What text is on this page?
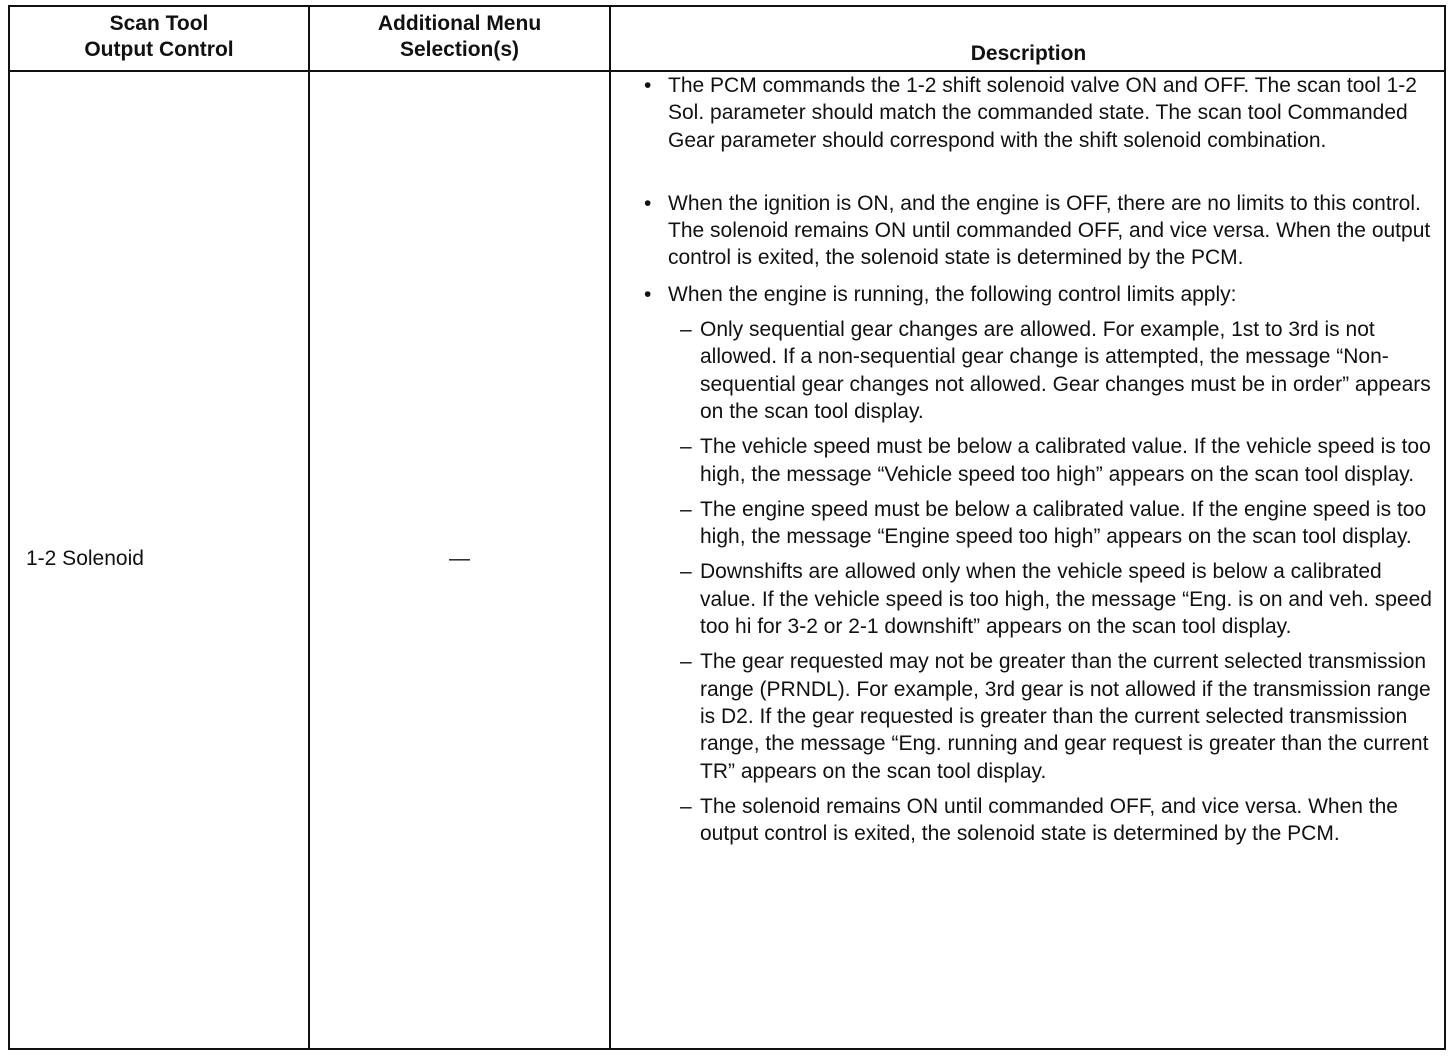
Scan Tool
Output Control
Additional Menu
Selection(s)	Description
1-2 Solenoid	—
• The PCM commands the 1-2 shift solenoid valve ON and OFF. The scan tool 1-2 Sol. parameter should match the commanded state. The scan tool Commanded Gear parameter should correspond with the shift solenoid combination.
• When the ignition is ON, and the engine is OFF, there are no limits to this control. The solenoid remains ON until commanded OFF, and vice versa. When the output control is exited, the solenoid state is determined by the PCM.
• When the engine is running, the following control limits apply:
– Only sequential gear changes are allowed. For example, 1st to 3rd is not allowed. If a non-sequential gear change is attempted, the message “Non-sequential gear changes not allowed. Gear changes must be in order” appears on the scan tool display.
– The vehicle speed must be below a calibrated value. If the vehicle speed is too high, the message “Vehicle speed too high” appears on the scan tool display.
– The engine speed must be below a calibrated value. If the engine speed is too high, the message “Engine speed too high” appears on the scan tool display.
– Downshifts are allowed only when the vehicle speed is below a calibrated value. If the vehicle speed is too high, the message “Eng. is on and veh. speed too hi for 3-2 or 2-1 downshift” appears on the scan tool display.
– The gear requested may not be greater than the current selected transmission range (PRNDL). For example, 3rd gear is not allowed if the transmission range is D2. If the gear requested is greater than the current selected transmission range, the message “Eng. running and gear request is greater than the current TR” appears on the scan tool display.
– The solenoid remains ON until commanded OFF, and vice versa. When the output control is exited, the solenoid state is determined by the PCM.
